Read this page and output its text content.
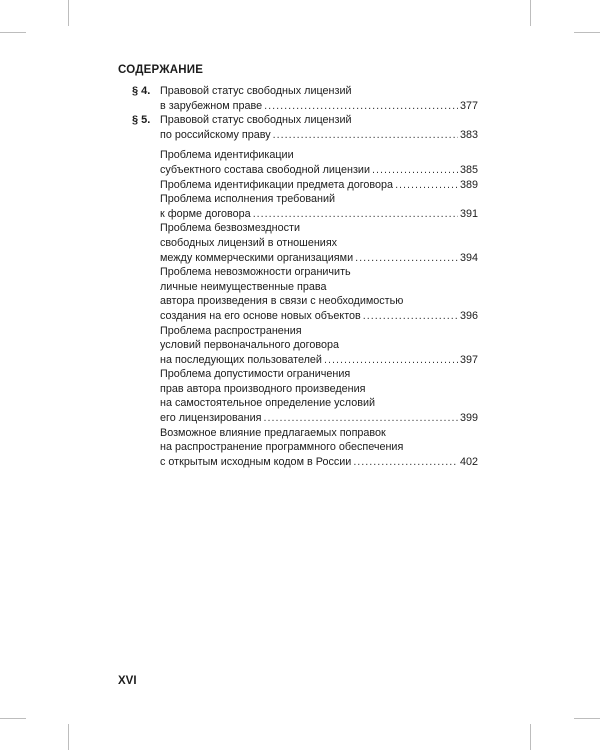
СОДЕРЖАНИЕ
§ 4. Правовой статус свободных лицензий
в зарубежном праве .....	377
§ 5. Правовой статус свободных лицензий
по российскому праву .....	383
Проблема идентификации
субъектного состава свободной лицензии .....	385
Проблема идентификации предмета договора .....	389
Проблема исполнения требований
к форме договора .....	391
Проблема безвозмездности
свободных лицензий в отношениях
между коммерческими организациями .....	394
Проблема невозможности ограничить
личные неимущественные права
автора произведения в связи с необходимостью
создания на его основе новых объектов .....	396
Проблема распространения
условий первоначального договора
на последующих пользователей .....	397
Проблема допустимости ограничения
прав автора производного произведения
на самостоятельное определение условий
его лицензирования .....	399
Возможное влияние предлагаемых поправок
на распространение программного обеспечения
с открытым исходным кодом в России .....	402
XVI
